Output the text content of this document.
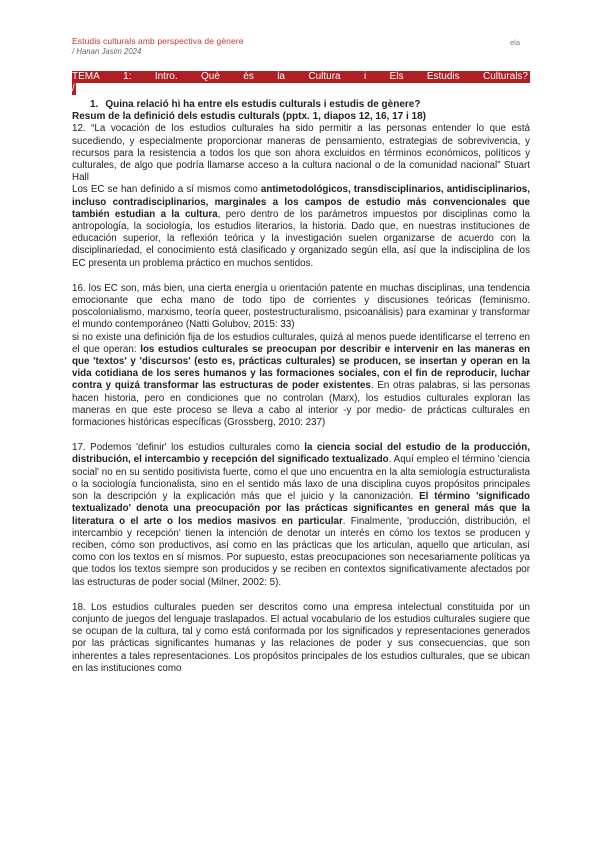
Estudis culturals amb perspectiva de gènere
/ Hanan Jasim 2024
ela
TEMA 1: Intro. Què és la Cultura i Els Estudis Culturals?
/
1. Quina relació hi ha entre els estudis culturals i estudis de gènere?
Resum de la definició dels estudis culturals (pptx. 1, diapos 12, 16, 17 i 18)

12. “La vocación de los estudios culturales ha sido permitir a las personas entender lo que está sucediendo, y especialmente proporcionar maneras de pensamiento, estrategias de sobrevivencia, y recursos para la resistencia a todos los que son ahora excluidos en términos económicos, políticos y culturales, de algo que podría llamarse acceso a la cultura nacional o de la comunidad nacional” Stuart Hall

Los EC se han definido a sí mismos como antimetodológicos, transdisciplinarios, antidisciplinarios, incluso contradisciplinarios, marginales a los campos de estudio más convencionales que también estudian a la cultura, pero dentro de los parámetros impuestos por disciplinas como la antropología, la sociología, los estudios literarios, la historia. Dado que, en nuestras instituciones de educación superior, la reflexión teórica y la investigación suelen organizarse de acuerdo con la disciplinariedad, el conocimiento está clasificado y organizado según ella, así que la indisciplina de los EC presenta un problema práctico en muchos sentidos.

16. los EC son, más bien, una cierta energía u orientación patente en muchas disciplinas, una tendencia emocionante que echa mano de todo tipo de corrientes y discusiones teóricas (feminismo. poscolonialismo, marxismo, teoría queer, postestructuralismo, psicoanálisis) para examinar y transformar el mundo contemporáneo (Natti Golubov, 2015: 33)

si no existe una definición fija de los estudios culturales, quizá al menos puede identificarse el terreno en el que operan: los estudios culturales se preocupan por describir e intervenir en las maneras en que 'textos' y 'discursos' (esto es, prácticas culturales) se producen, se insertan y operan en la vida cotidiana de los seres humanos y las formaciones sociales, con el fin de reproducir, luchar contra y quizá transformar las estructuras de poder existentes. En otras palabras, si las personas hacen historia, pero en condiciones que no controlan (Marx), los estudios culturales exploran las maneras en que este proceso se lleva a cabo al interior -y por medio- de prácticas culturales en formaciones históricas específicas (Grossberg, 2010: 237)

17. Podemos 'definir' los estudios culturales como la ciencia social del estudio de la producción, distribución, el intercambio y recepción del significado textualizado. Aquí empleo el término 'ciencia social' no en su sentido positivista fuerte, como el que uno encuentra en la alta semiología estructuralista o la sociología funcionalista, sino en el sentido más laxo de una disciplina cuyos propósitos principales son la descripción y la explicación más que el juicio y la canonización. El término 'significado textualizado' denota una preocupación por las prácticas significantes en general más que la literatura o el arte o los medios masivos en particular. Finalmente, 'producción, distribución, el intercambio y recepción' tienen la intención de denotar un interés en cómo los textos se producen y reciben, cómo son productivos, así como en las prácticas que los articulan, aquello que articulan, así como con los textos en sí mismos. Por supuesto, estas preocupaciones son necesariamente políticas ya que todos los textos siempre son producidos y se reciben en contextos significativamente afectados por las estructuras de poder social (Milner, 2002: 5).

18. Los estudios culturales pueden ser descritos como una empresa intelectual constituida por un conjunto de juegos del lenguaje traslapados. El actual vocabulario de los estudios culturales sugiere que se ocupan de la cultura, tal y como está conformada por los significados y representaciones generados por las prácticas significantes humanas y las relaciones de poder y sus consecuencias, que son inherentes a tales representaciones. Los propósitos principales de los estudios culturales, que se ubican en las instituciones como
